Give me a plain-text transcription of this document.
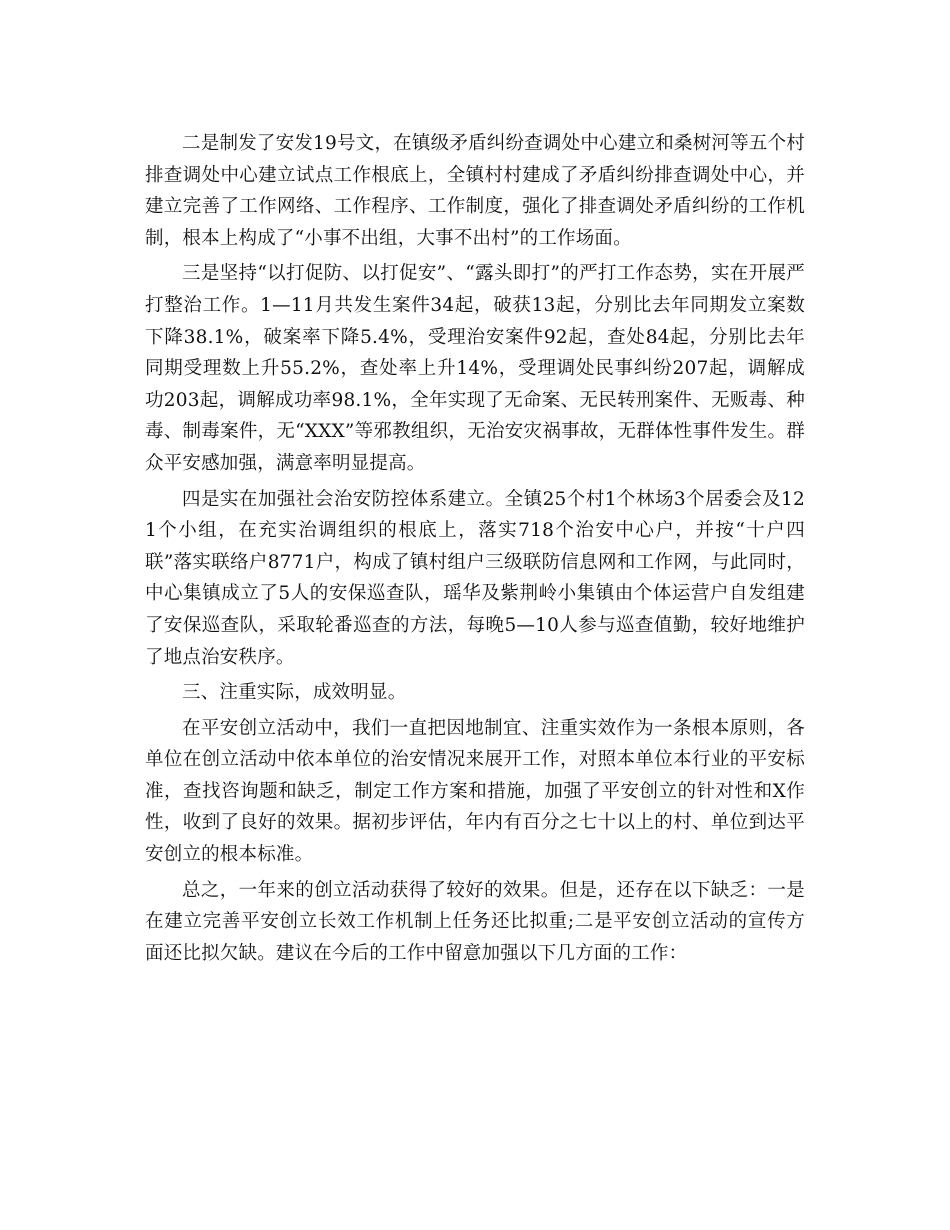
二是制发了安发19号文，在镇级矛盾纠纷查调处中心建立和桑树河等五个村排查调处中心建立试点工作根底上，全镇村村建成了矛盾纠纷排查调处中心，并建立完善了工作网络、工作程序、工作制度，强化了排查调处矛盾纠纷的工作机制，根本上构成了“小事不出组，大事不出村”的工作场面。

三是坚持“以打促防、以打促安”、“露头即打”的严打工作态势，实在开展严打整治工作。1—11月共发生案件34起，破获13起，分别比去年同期发立案数下降38.1%，破案率下降5.4%，受理治安案件92起，查处84起，分别比去年同期受理数上升55.2%，查处率上升14%，受理调处民事纠纷207起，调解成功203起，调解成功率98.1%，全年实现了无命案、无民转刑案件、无贩毒、种毒、制毒案件，无“XXX”等邪教组织，无治安灾祸事故，无群体性事件发生。群众平安感加强，满意率明显提高。

四是实在加强社会治安防控体系建立。全镇25个村1个林场3个居委会及121个小组，在充实治调组织的根底上，落实718个治安中心户，并按“十户四联”落实联络户8771户，构成了镇村组户三级联防信息网和工作网，与此同时，中心集镇成立了5人的安保巡查队，瑶华及紫荆岭小集镇由个体运营户自发组建了安保巡查队，采取轮番巡查的方法，每晚5—10人参与巡查值勤，较好地维护了地点治安秩序。

三、注重实际，成效明显。

在平安创立活动中，我们一直把因地制宜、注重实效作为一条根本原则，各单位在创立活动中依本单位的治安情况来展开工作，对照本单位本行业的平安标准，查找咨询题和缺乏，制定工作方案和措施，加强了平安创立的针对性和X作性，收到了良好的效果。据初步评估，年内有百分之七十以上的村、单位到达平安创立的根本标准。

总之，一年来的创立活动获得了较好的效果。但是，还存在以下缺乏：一是在建立完善平安创立长效工作机制上任务还比拟重;二是平安创立活动的宣传方面还比拟欠缺。建议在今后的工作中留意加强以下几方面的工作：
